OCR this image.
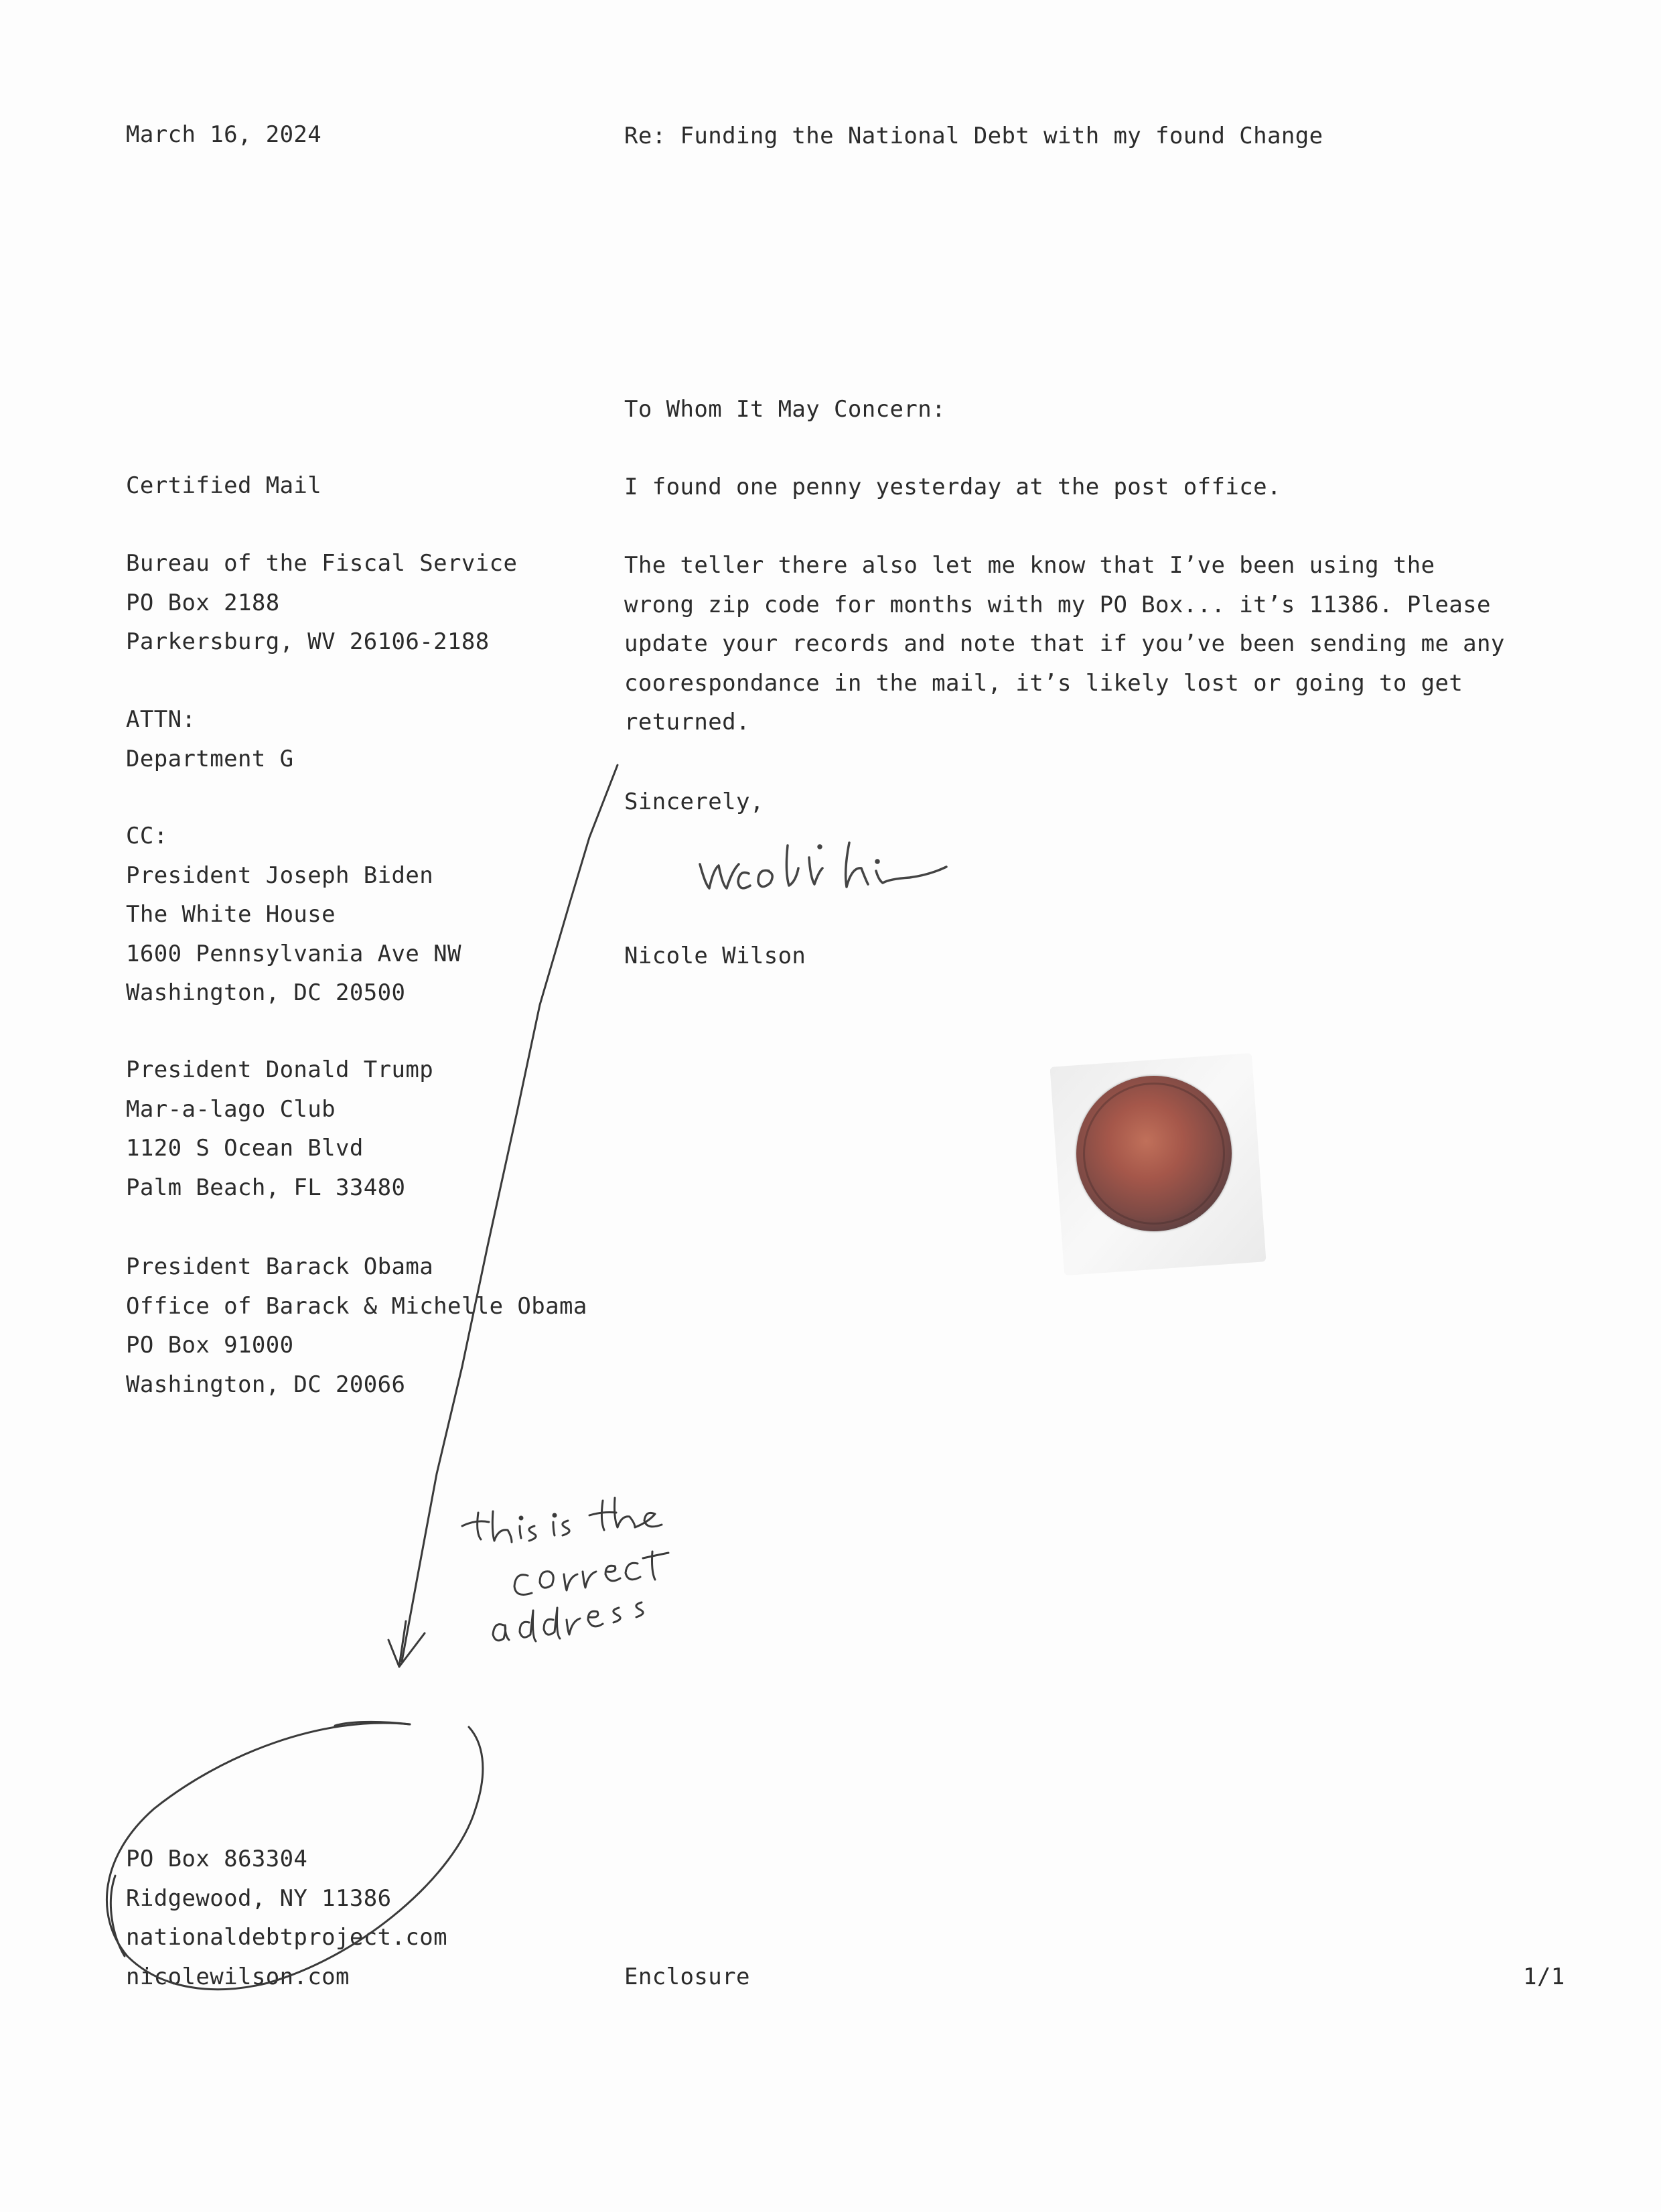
March 16, 2024	Re: Funding the National Debt with my found Change
Certified Mail
Bureau of the Fiscal Service
PO Box 2188
Parkersburg, WV 26106-2188
ATTN:
Department G
CC:
President Joseph Biden
The White House
1600 Pennsylvania Ave NW
Washington, DC 20500
President Donald Trump
Mar-a-lago Club
1120 S Ocean Blvd
Palm Beach, FL 33480
President Barack Obama
Office of Barack & Michelle Obama
PO Box 91000
Washington, DC 20066
PO Box 863304
Ridgewood, NY 11386
nationaldebtproject.com
nicolewilson.com
To Whom It May Concern:
I found one penny yesterday at the post office.
The teller there also let me know that I’ve been using the
wrong zip code for months with my PO Box... it’s 11386. Please
update your records and note that if you’ve been sending me any
coorespondance in the mail, it’s likely lost or going to get
returned.
Sincerely,
Nicole Wilson
Enclosure	1/1
